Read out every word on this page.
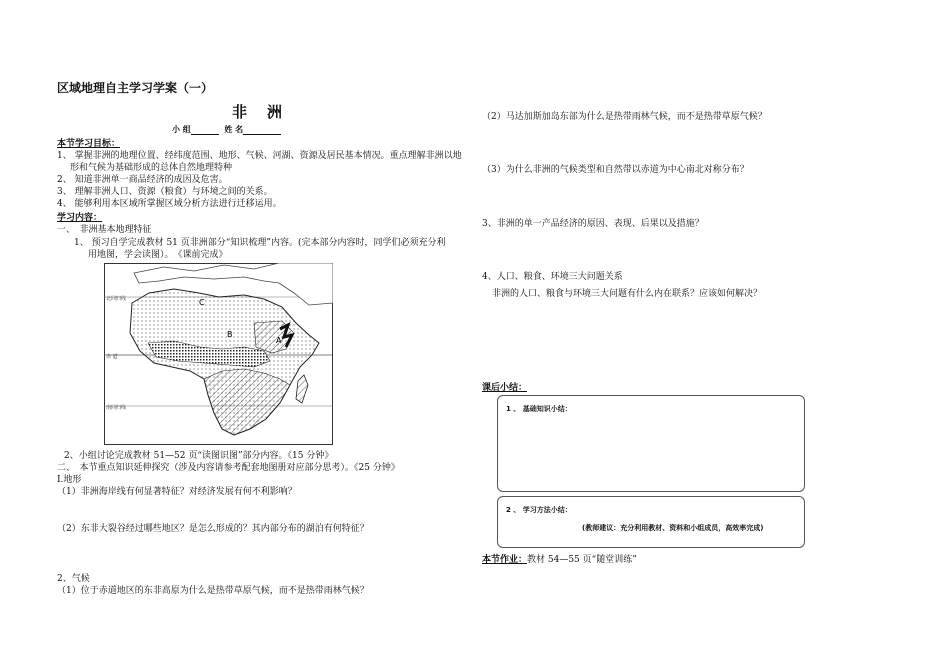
区域地理自主学习学案（一）
非洲
小 组	姓 名
本节学习目标：
1、 掌握非洲的地理位置、经纬度范围、地形、气候、河湖、资源及居民基本情况。重点理解非洲以地
形和气候为基础形成的总体自然地理特种
2、 知道非洲单一商品经济的成因及危害。
3、 理解非洲人口、资源（粮食）与环境之间的关系。
4、 能够利用本区域所掌握区域分析方法进行迁移运用。
学习内容：
一、　非洲基本地理特征
1、 预习自学完成教材 51 页非洲部分“知识梳理”内容。(完本部分内容时，同学们必须充分利
用地图，学会读图）。　《课前完成》
北回归线
赤 道
南回归线
C
B
A
2、小组讨论完成教材 51—52 页“读图识图”部分内容。《15 分钟》
二、　本节重点知识延伸探究（涉及内容请参考配套地图册对应部分思考）。《25 分钟》
I.地形
（1）非洲海岸线有何显著特征？对经济发展有何不利影响？
（2）东非大裂谷经过哪些地区？是怎么形成的？其内部分布的湖泊有何特征？
2、气候
（1）位于赤道地区的东非高原为什么是热带草原气候，而不是热带雨林气候？
（2）马达加斯加岛东部为什么是热带雨林气候，而不是热带草原气候？
（3）为什么非洲的气候类型和自然带以赤道为中心南北对称分布？
3、非洲的单一产品经济的原因、表现、后果以及措施？
4、人口、粮食、环境三大问题关系
非洲的人口、粮食与环境三大问题有什么内在联系？应该如何解决？
课后小结：
1 、 基础知识小结：
2 、 学习方法小结：
(教师建议：充分利用教材、资料和小组成员，高效率完成)
本节作业：教材 54—55 页“随堂训练”
